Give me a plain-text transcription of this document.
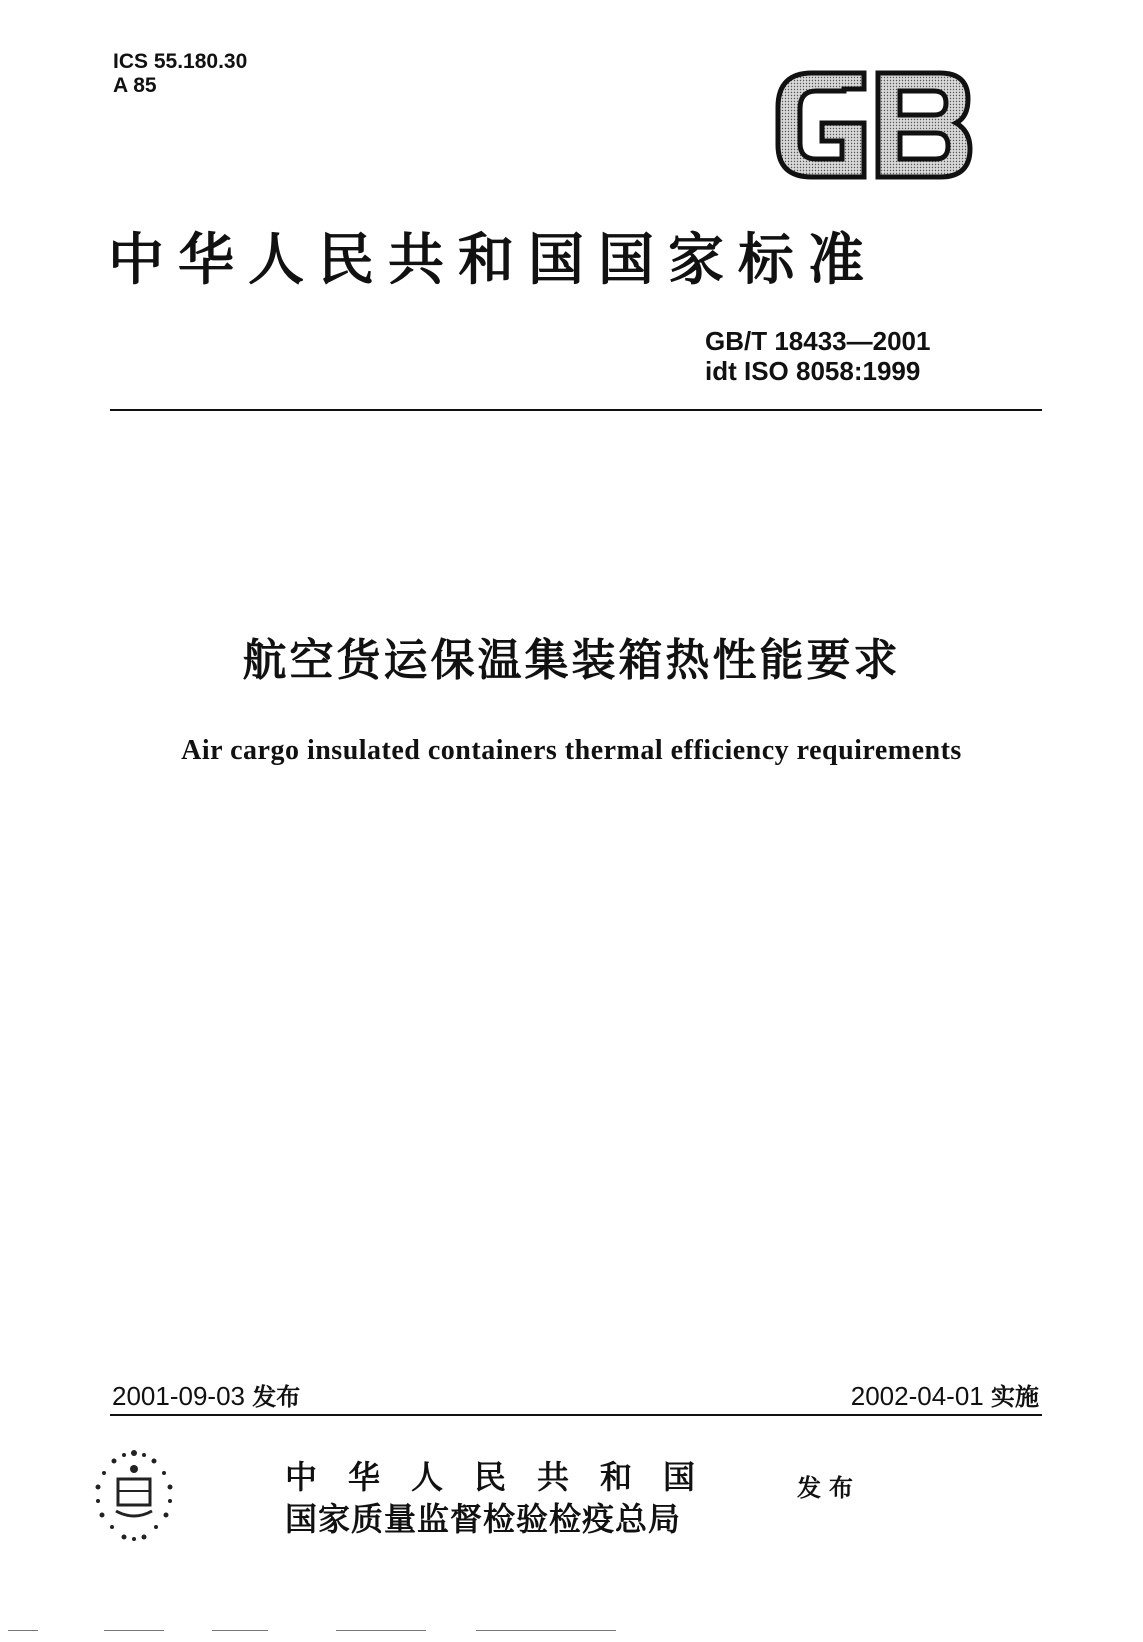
ICS 55.180.30
A 85
中华人民共和国国家标准
GB/T 18433—2001
idt ISO 8058:1999
航空货运保温集装箱热性能要求
Air cargo insulated containers thermal efficiency requirements
2001-09-03 发布	2002-04-01 实施
中华人民共和国
国家质量监督检验检疫总局
发布
